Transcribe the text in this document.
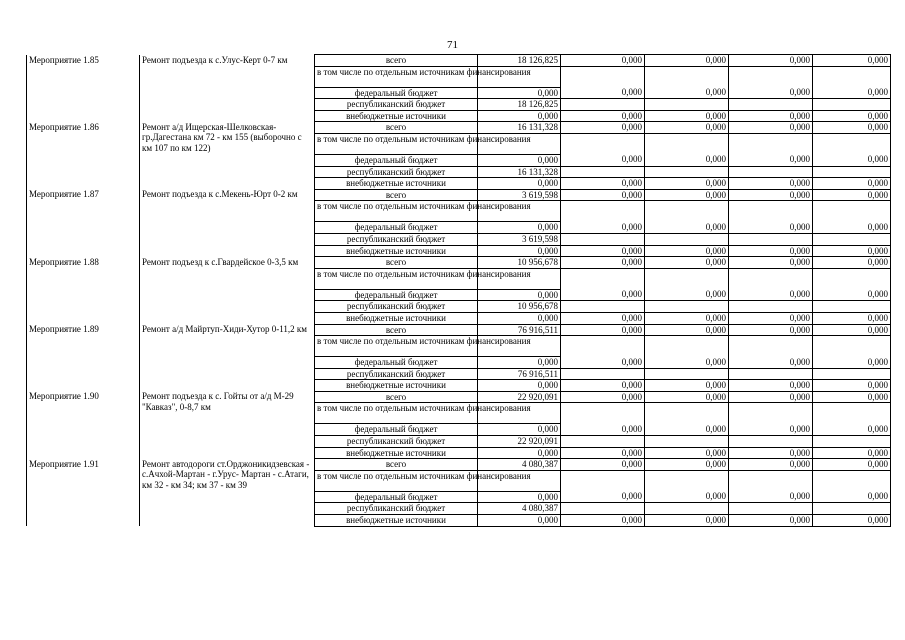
71
Мероприятие 1.85	Ремонт подъезда к с.Улус-Керт 0-7 км	всего	18 126,825	0,000	0,000	0,000	0,000
		в том числе по отдельным источникам финансирования					
		федеральный бюджет	0,000	0,000	0,000	0,000	0,000
		республиканский бюджет	18 126,825				
		внебюджетные источники	0,000	0,000	0,000	0,000	0,000
Мероприятие 1.86	Ремонт а/д Ищерская-Шелковская-гр.Дагестана км 72 - км 155 (выборочно с км 107 по км 122)	всего	16 131,328	0,000	0,000	0,000	0,000
		в том числе по отдельным источникам финансирования					
		федеральный бюджет	0,000	0,000	0,000	0,000	0,000
		республиканский бюджет	16 131,328				
		внебюджетные источники	0,000	0,000	0,000	0,000	0,000
Мероприятие 1.87	Ремонт подъезда к с.Мекень-Юрт 0-2 км	всего	3 619,598	0,000	0,000	0,000	0,000
		в том числе по отдельным источникам финансирования					
		федеральный бюджет	0,000	0,000	0,000	0,000	0,000
		республиканский бюджет	3 619,598				
		внебюджетные источники	0,000	0,000	0,000	0,000	0,000
Мероприятие 1.88	Ремонт подъезд к с.Гвардейское 0-3,5 км	всего	10 956,678	0,000	0,000	0,000	0,000
		в том числе по отдельным источникам финансирования					
		федеральный бюджет	0,000	0,000	0,000	0,000	0,000
		республиканский бюджет	10 956,678				
		внебюджетные источники	0,000	0,000	0,000	0,000	0,000
Мероприятие 1.89	Ремонт а/д Майртуп-Хиди-Хутор 0-11,2 км	всего	76 916,511	0,000	0,000	0,000	0,000
		в том числе по отдельным источникам финансирования					
		федеральный бюджет	0,000	0,000	0,000	0,000	0,000
		республиканский бюджет	76 916,511				
		внебюджетные источники	0,000	0,000	0,000	0,000	0,000
Мероприятие 1.90	Ремонт подъезда к с. Гойты от а/д М-29 "Кавказ", 0-8,7 км	всего	22 920,091	0,000	0,000	0,000	0,000
		в том числе по отдельным источникам финансирования					
		федеральный бюджет	0,000	0,000	0,000	0,000	0,000
		республиканский бюджет	22 920,091				
		внебюджетные источники	0,000	0,000	0,000	0,000	0,000
Мероприятие 1.91	Ремонт автодороги ст.Орджоникидзевская - с.Ачхой-Мартан - г.Урус- Мартан - с.Атаги, км 32 - км 34; км 37 - км 39	всего	4 080,387	0,000	0,000	0,000	0,000
		в том числе по отдельным источникам финансирования					
		федеральный бюджет	0,000	0,000	0,000	0,000	0,000
		республиканский бюджет	4 080,387				
		внебюджетные источники	0,000	0,000	0,000	0,000	0,000
